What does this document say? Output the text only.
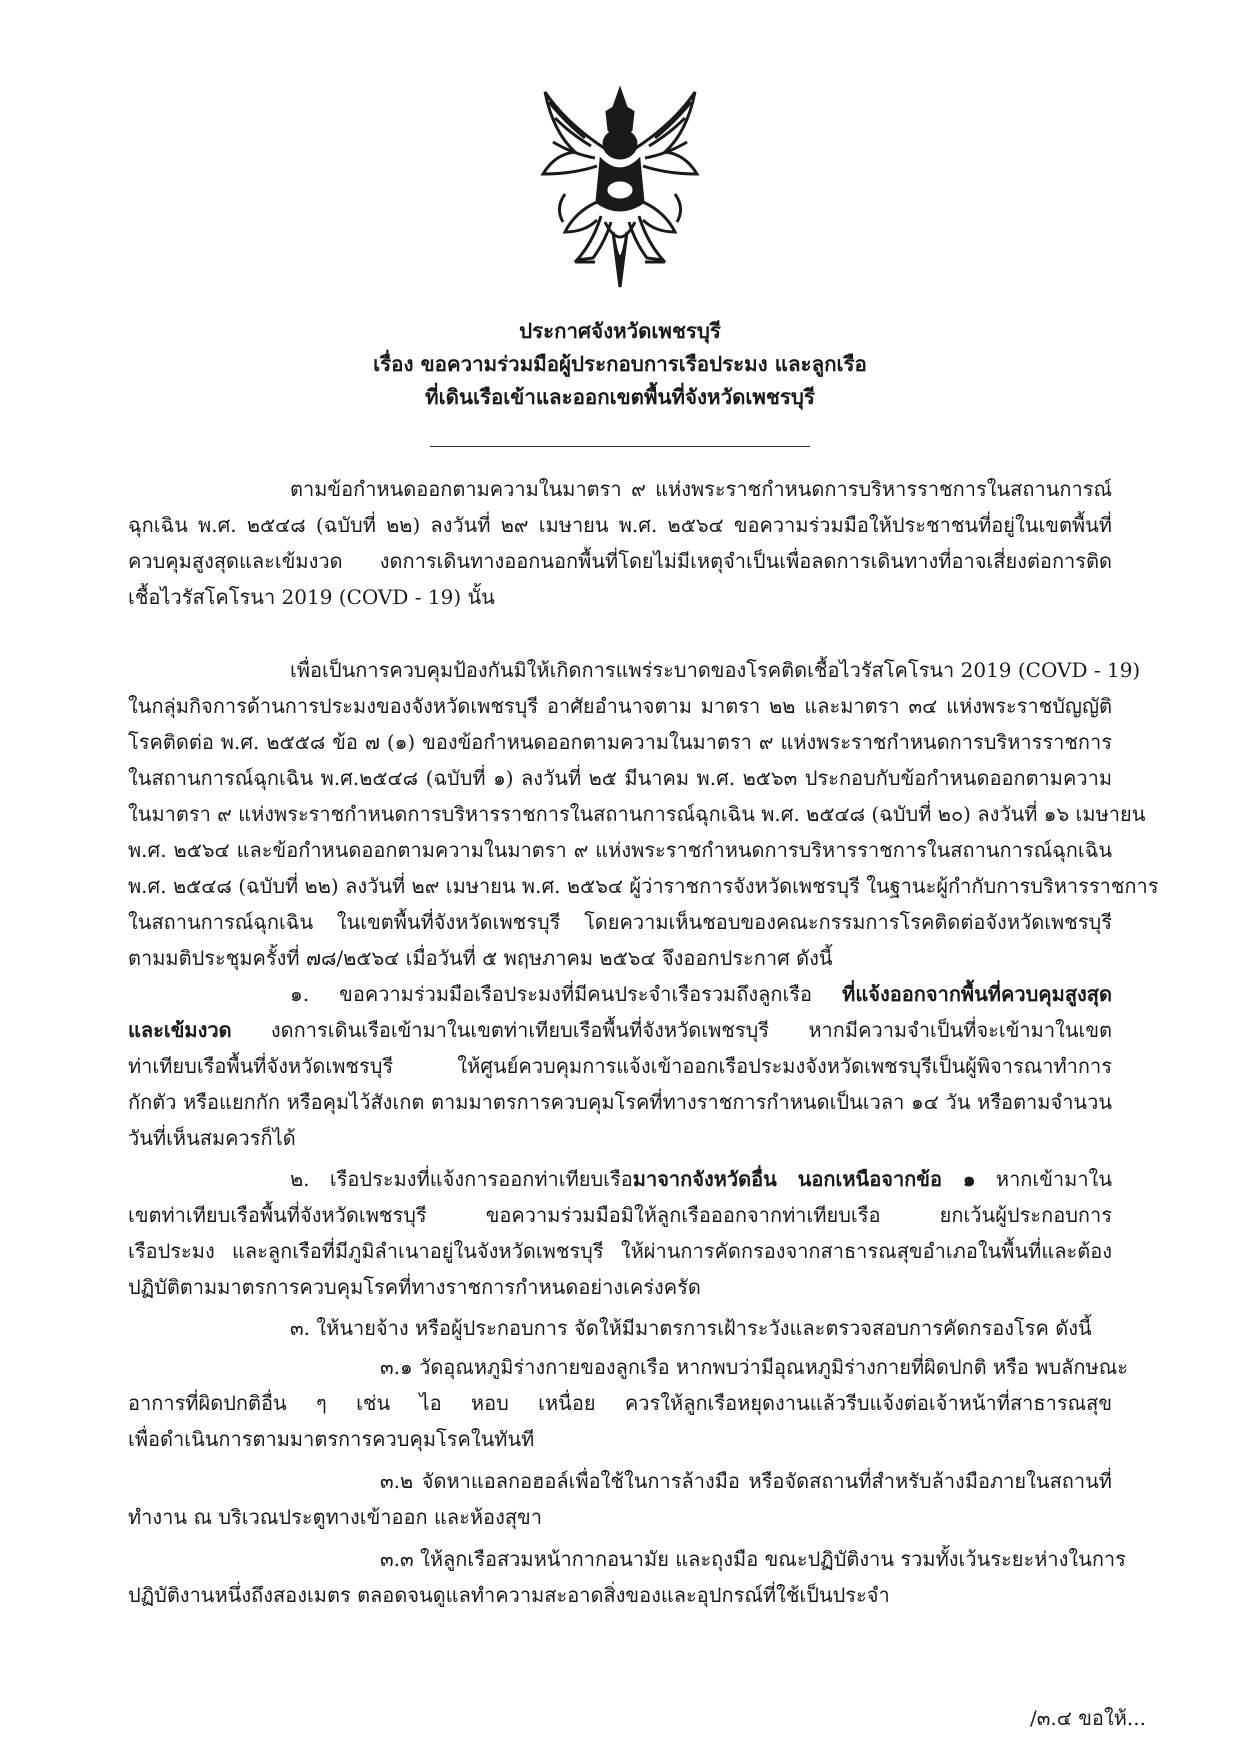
ประกาศจังหวัดเพชรบุรี
เรื่อง ขอความร่วมมือผู้ประกอบการเรือประมง และลูกเรือ
ที่เดินเรือเข้าและออกเขตพื้นที่จังหวัดเพชรบุรี
ตามข้อกำหนดออกตามความในมาตรา ๙ แห่งพระราชกำหนดการบริหารราชการในสถานการณ์
ฉุกเฉิน พ.ศ. ๒๕๔๘ (ฉบับที่ ๒๒) ลงวันที่ ๒๙ เมษายน พ.ศ. ๒๕๖๔ ขอความร่วมมือให้ประชาชนที่อยู่ในเขตพื้นที่
ควบคุมสูงสุดและเข้มงวด งดการเดินทางออกนอกพื้นที่โดยไม่มีเหตุจำเป็นเพื่อลดการเดินทางที่อาจเสี่ยงต่อการติด
เชื้อไวรัสโคโรนา 2019 (COVD - 19) นั้น
เพื่อเป็นการควบคุมป้องกันมิให้เกิดการแพร่ระบาดของโรคติดเชื้อไวรัสโคโรนา 2019 (COVD - 19)
ในกลุ่มกิจการด้านการประมงของจังหวัดเพชรบุรี อาศัยอำนาจตาม มาตรา ๒๒ และมาตรา ๓๔ แห่งพระราชบัญญัติ
โรคติดต่อ พ.ศ. ๒๕๕๘ ข้อ ๗ (๑) ของข้อกำหนดออกตามความในมาตรา ๙ แห่งพระราชกำหนดการบริหารราชการ
ในสถานการณ์ฉุกเฉิน พ.ศ.๒๕๔๘ (ฉบับที่ ๑) ลงวันที่ ๒๕ มีนาคม พ.ศ. ๒๕๖๓ ประกอบกับข้อกำหนดออกตามความ
ในมาตรา ๙ แห่งพระราชกำหนดการบริหารราชการในสถานการณ์ฉุกเฉิน พ.ศ. ๒๕๔๘ (ฉบับที่ ๒๐) ลงวันที่ ๑๖ เมษายน
พ.ศ. ๒๕๖๔ และข้อกำหนดออกตามความในมาตรา ๙ แห่งพระราชกำหนดการบริหารราชการในสถานการณ์ฉุกเฉิน
พ.ศ. ๒๕๔๘ (ฉบับที่ ๒๒) ลงวันที่ ๒๙ เมษายน พ.ศ. ๒๕๖๔ ผู้ว่าราชการจังหวัดเพชรบุรี ในฐานะผู้กำกับการบริหารราชการ
ในสถานการณ์ฉุกเฉิน ในเขตพื้นที่จังหวัดเพชรบุรี โดยความเห็นชอบของคณะกรรมการโรคติดต่อจังหวัดเพชรบุรี
ตามมติประชุมครั้งที่ ๗๘/๒๕๖๔ เมื่อวันที่ ๕ พฤษภาคม ๒๕๖๔ จึงออกประกาศ ดังนี้
๑. ขอความร่วมมือเรือประมงที่มีคนประจำเรือรวมถึงลูกเรือ ที่แจ้งออกจากพื้นที่ควบคุมสูงสุด
และเข้มงวด งดการเดินเรือเข้ามาในเขตท่าเทียบเรือพื้นที่จังหวัดเพชรบุรี หากมีความจำเป็นที่จะเข้ามาในเขต
ท่าเทียบเรือพื้นที่จังหวัดเพชรบุรี ให้ศูนย์ควบคุมการแจ้งเข้าออกเรือประมงจังหวัดเพชรบุรีเป็นผู้พิจารณาทำการ
กักตัว หรือแยกกัก หรือคุมไว้สังเกต ตามมาตรการควบคุมโรคที่ทางราชการกำหนดเป็นเวลา ๑๔ วัน หรือตามจำนวน
วันที่เห็นสมควรก็ได้
๒. เรือประมงที่แจ้งการออกท่าเทียบเรือมาจากจังหวัดอื่น นอกเหนือจากข้อ ๑ หากเข้ามาใน
เขตท่าเทียบเรือพื้นที่จังหวัดเพชรบุรี ขอความร่วมมือมิให้ลูกเรือออกจากท่าเทียบเรือ ยกเว้นผู้ประกอบการ
เรือประมง และลูกเรือที่มีภูมิลำเนาอยู่ในจังหวัดเพชรบุรี ให้ผ่านการคัดกรองจากสาธารณสุขอำเภอในพื้นที่และต้อง
ปฏิบัติตามมาตรการควบคุมโรคที่ทางราชการกำหนดอย่างเคร่งครัด
๓. ให้นายจ้าง หรือผู้ประกอบการ จัดให้มีมาตรการเฝ้าระวังและตรวจสอบการคัดกรองโรค ดังนี้
๓.๑ วัดอุณหภูมิร่างกายของลูกเรือ หากพบว่ามีอุณหภูมิร่างกายที่ผิดปกติ หรือ พบลักษณะ
อาการที่ผิดปกติอื่น ๆ เช่น ไอ หอบ เหนื่อย ควรให้ลูกเรือหยุดงานแล้วรีบแจ้งต่อเจ้าหน้าที่สาธารณสุข
เพื่อดำเนินการตามมาตรการควบคุมโรคในทันที
๓.๒ จัดหาแอลกอฮอล์เพื่อใช้ในการล้างมือ หรือจัดสถานที่สำหรับล้างมือภายในสถานที่
ทำงาน ณ บริเวณประตูทางเข้าออก และห้องสุขา
๓.๓ ให้ลูกเรือสวมหน้ากากอนามัย และถุงมือ ขณะปฏิบัติงาน รวมทั้งเว้นระยะห่างในการ
ปฏิบัติงานหนึ่งถึงสองเมตร ตลอดจนดูแลทำความสะอาดสิ่งของและอุปกรณ์ที่ใช้เป็นประจำ
/๓.๔ ขอให้...
